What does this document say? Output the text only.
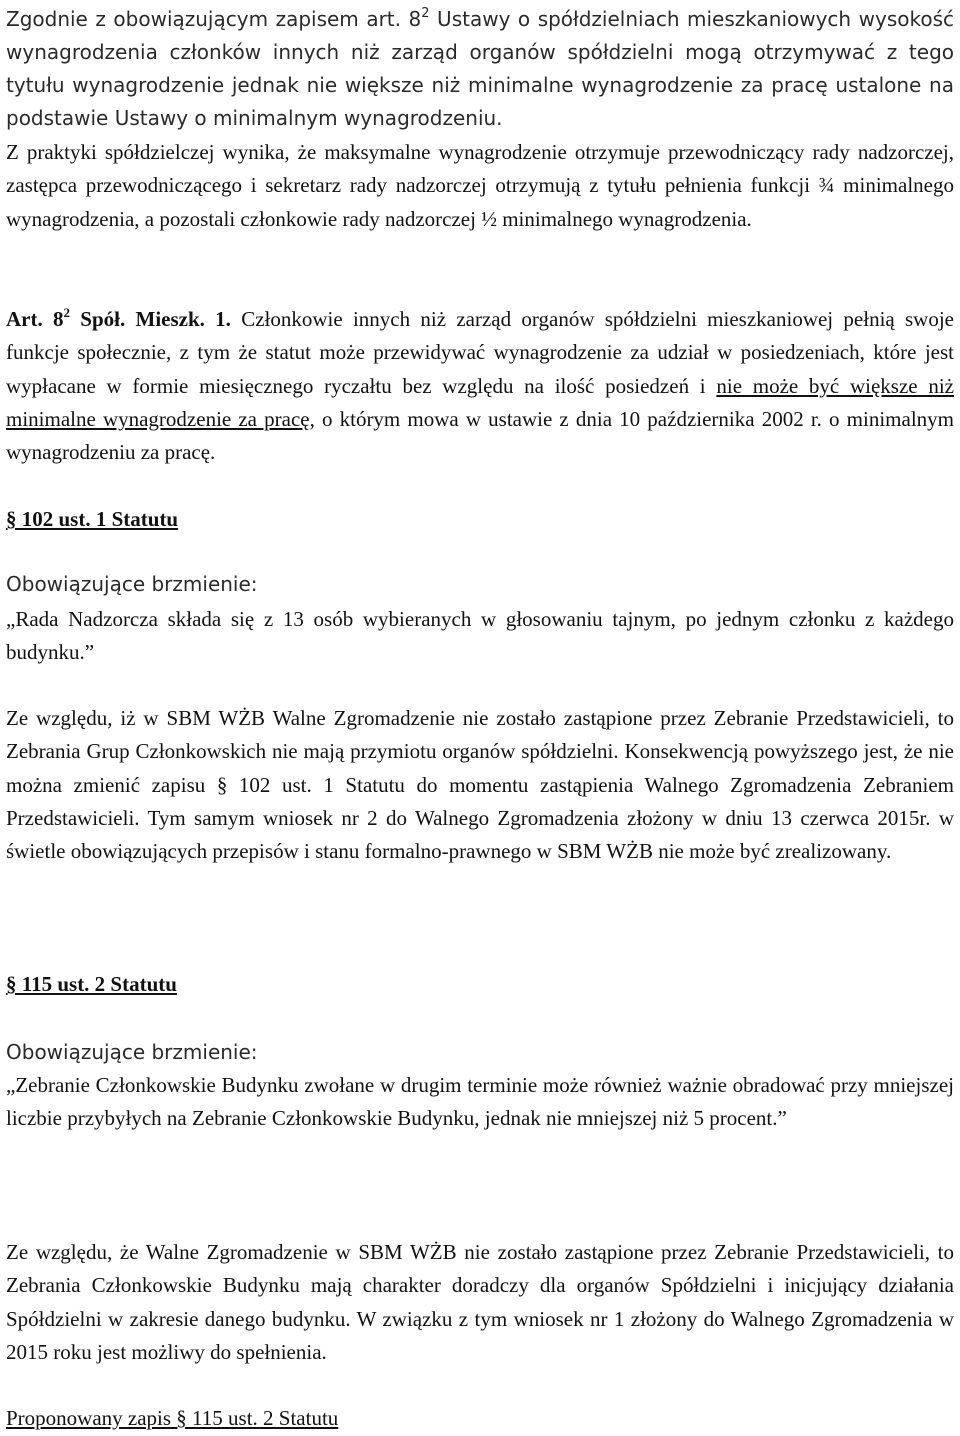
Zgodnie z obowiązującym zapisem art. $8^2$ Ustawy o spółdzielniach mieszkaniowych wysokość wynagrodzenia członków innych niż zarząd organów spółdzielni mogą otrzymywać z tego tytułu wynagrodzenie jednak nie większe niż minimalne wynagrodzenie za pracę ustalone na podstawie Ustawy o minimalnym wynagrodzeniu.

Z praktyki spółdzielczej wynika, że maksymalne wynagrodzenie otrzymuje przewodniczący rady nadzorczej, zastępca przewodniczącego i sekretarz rady nadzorczej otrzymują z tytułu pełnienia funkcji ¾ minimalnego wynagrodzenia, a pozostali członkowie rady nadzorczej ½ minimalnego wynagrodzenia.

Art. $8^2$ Spół. Mieszk. 1. Członkowie innych niż zarząd organów spółdzielni mieszkaniowej pełnią swoje funkcje społecznie, z tym że statut może przewidywać wynagrodzenie za udział w posiedzeniach, które jest wypłacane w formie miesięcznego ryczałtu bez względu na ilość posiedzeń i nie może być większe niż minimalne wynagrodzenie za pracę, o którym mowa w ustawie z dnia 10 października 2002 r. o minimalnym wynagrodzeniu za pracę.

§ 102 ust. 1 Statutu

Obowiązujące brzmienie:

„Rada Nadzorcza składa się z 13 osób wybieranych w głosowaniu tajnym, po jednym członku z każdego budynku.”

Ze względu, iż w SBM WŻB Walne Zgromadzenie nie zostało zastąpione przez Zebranie Przedstawicieli, to Zebrania Grup Członkowskich nie mają przymiotu organów spółdzielni. Konsekwencją powyższego jest, że nie można zmienić zapisu § 102 ust. 1 Statutu do momentu zastąpienia Walnego Zgromadzenia Zebraniem Przedstawicieli. Tym samym wniosek nr 2 do Walnego Zgromadzenia złożony w dniu 13 czerwca 2015r. w świetle obowiązujących przepisów i stanu formalno-prawnego w SBM WŻB nie może być zrealizowany.

§ 115 ust. 2 Statutu

Obowiązujące brzmienie:

„Zebranie Członkowskie Budynku zwołane w drugim terminie może również ważnie obradować przy mniejszej liczbie przybyłych na Zebranie Członkowskie Budynku, jednak nie mniejszej niż 5 procent.”

Ze względu, że Walne Zgromadzenie w SBM WŻB nie zostało zastąpione przez Zebranie Przedstawicieli, to Zebrania Członkowskie Budynku mają charakter doradczy dla organów Spółdzielni i inicjujący działania Spółdzielni w zakresie danego budynku. W związku z tym wniosek nr 1 złożony do Walnego Zgromadzenia w 2015 roku jest możliwy do spełnienia.

Proponowany zapis § 115 ust. 2 Statutu
